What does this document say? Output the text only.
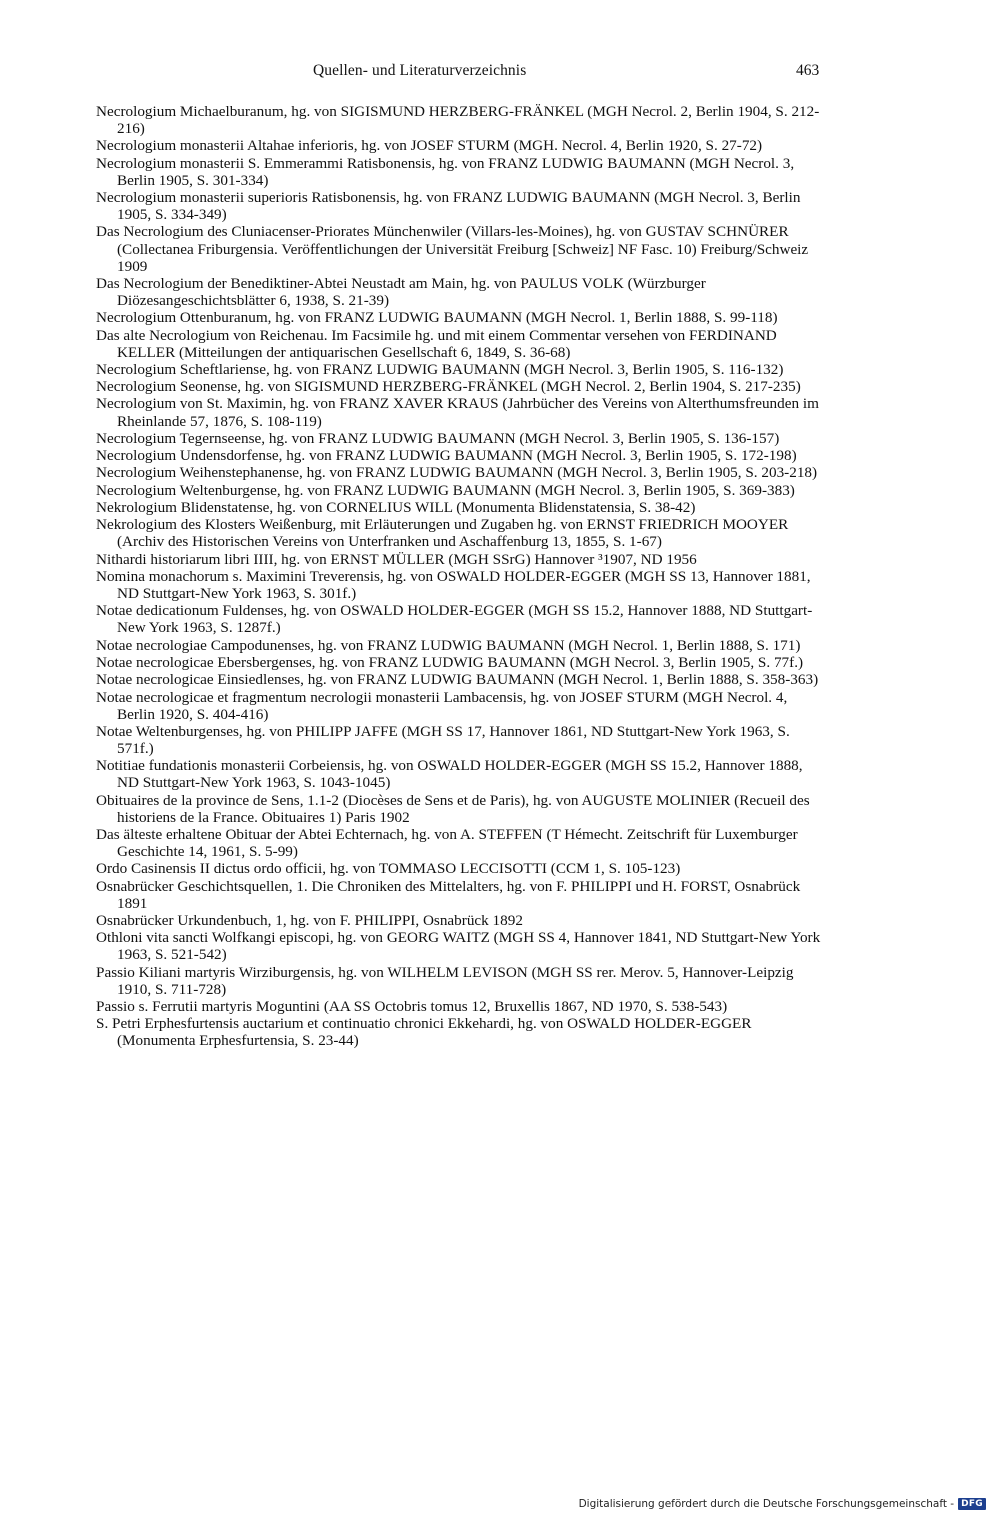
Quellen- und Literaturverzeichnis	463
Necrologium Michaelburanum, hg. von SIGISMUND HERZBERG-FRÄNKEL (MGH Necrol. 2, Berlin 1904, S. 212-216)
Necrologium monasterii Altahae inferioris, hg. von JOSEF STURM (MGH. Necrol. 4, Berlin 1920, S. 27-72)
Necrologium monasterii S. Emmerammi Ratisbonensis, hg. von FRANZ LUDWIG BAUMANN (MGH Necrol. 3, Berlin 1905, S. 301-334)
Necrologium monasterii superioris Ratisbonensis, hg. von FRANZ LUDWIG BAUMANN (MGH Necrol. 3, Berlin 1905, S. 334-349)
Das Necrologium des Cluniacenser-Priorates Münchenwiler (Villars-les-Moines), hg. von GUSTAV SCHNÜRER (Collectanea Friburgensia. Veröffentlichungen der Universität Freiburg [Schweiz] NF Fasc. 10) Freiburg/Schweiz 1909
Das Necrologium der Benediktiner-Abtei Neustadt am Main, hg. von PAULUS VOLK (Würzburger Diözesangeschichtsblätter 6, 1938, S. 21-39)
Necrologium Ottenburanum, hg. von FRANZ LUDWIG BAUMANN (MGH Necrol. 1, Berlin 1888, S. 99-118)
Das alte Necrologium von Reichenau. Im Facsimile hg. und mit einem Commentar versehen von FERDINAND KELLER (Mitteilungen der antiquarischen Gesellschaft 6, 1849, S. 36-68)
Necrologium Scheftlariense, hg. von FRANZ LUDWIG BAUMANN (MGH Necrol. 3, Berlin 1905, S. 116-132)
Necrologium Seonense, hg. von SIGISMUND HERZBERG-FRÄNKEL (MGH Necrol. 2, Berlin 1904, S. 217-235)
Necrologium von St. Maximin, hg. von FRANZ XAVER KRAUS (Jahrbücher des Vereins von Alterthumsfreunden im Rheinlande 57, 1876, S. 108-119)
Necrologium Tegernseense, hg. von FRANZ LUDWIG BAUMANN (MGH Necrol. 3, Berlin 1905, S. 136-157)
Necrologium Undensdorfense, hg. von FRANZ LUDWIG BAUMANN (MGH Necrol. 3, Berlin 1905, S. 172-198)
Necrologium Weihenstephanense, hg. von FRANZ LUDWIG BAUMANN (MGH Necrol. 3, Berlin 1905, S. 203-218)
Necrologium Weltenburgense, hg. von FRANZ LUDWIG BAUMANN (MGH Necrol. 3, Berlin 1905, S. 369-383)
Nekrologium Blidenstatense, hg. von CORNELIUS WILL (Monumenta Blidenstatensia, S. 38-42)
Nekrologium des Klosters Weißenburg, mit Erläuterungen und Zugaben hg. von ERNST FRIEDRICH MOOYER (Archiv des Historischen Vereins von Unterfranken und Aschaffenburg 13, 1855, S. 1-67)
Nithardi historiarum libri IIII, hg. von ERNST MÜLLER (MGH SSrG) Hannover ³1907, ND 1956
Nomina monachorum s. Maximini Treverensis, hg. von OSWALD HOLDER-EGGER (MGH SS 13, Hannover 1881, ND Stuttgart-New York 1963, S. 301f.)
Notae dedicationum Fuldenses, hg. von OSWALD HOLDER-EGGER (MGH SS 15.2, Hannover 1888, ND Stuttgart-New York 1963, S. 1287f.)
Notae necrologiae Campodunenses, hg. von FRANZ LUDWIG BAUMANN (MGH Necrol. 1, Berlin 1888, S. 171)
Notae necrologicae Ebersbergenses, hg. von FRANZ LUDWIG BAUMANN (MGH Necrol. 3, Berlin 1905, S. 77f.)
Notae necrologicae Einsiedlenses, hg. von FRANZ LUDWIG BAUMANN (MGH Necrol. 1, Berlin 1888, S. 358-363)
Notae necrologicae et fragmentum necrologii monasterii Lambacensis, hg. von JOSEF STURM (MGH Necrol. 4, Berlin 1920, S. 404-416)
Notae Weltenburgenses, hg. von PHILIPP JAFFE (MGH SS 17, Hannover 1861, ND Stuttgart-New York 1963, S. 571f.)
Notitiae fundationis monasterii Corbeiensis, hg. von OSWALD HOLDER-EGGER (MGH SS 15.2, Hannover 1888, ND Stuttgart-New York 1963, S. 1043-1045)
Obituaires de la province de Sens, 1.1-2 (Diocèses de Sens et de Paris), hg. von AUGUSTE MOLINIER (Recueil des historiens de la France. Obituaires 1) Paris 1902
Das älteste erhaltene Obituar der Abtei Echternach, hg. von A. STEFFEN (T Hémecht. Zeitschrift für Luxemburger Geschichte 14, 1961, S. 5-99)
Ordo Casinensis II dictus ordo officii, hg. von TOMMASO LECCISOTTI (CCM 1, S. 105-123)
Osnabrücker Geschichtsquellen, 1. Die Chroniken des Mittelalters, hg. von F. PHILIPPI und H. FORST, Osnabrück 1891
Osnabrücker Urkundenbuch, 1, hg. von F. PHILIPPI, Osnabrück 1892
Othloni vita sancti Wolfkangi episcopi, hg. von GEORG WAITZ (MGH SS 4, Hannover 1841, ND Stuttgart-New York 1963, S. 521-542)
Passio Kiliani martyris Wirziburgensis, hg. von WILHELM LEVISON (MGH SS rer. Merov. 5, Hannover-Leipzig 1910, S. 711-728)
Passio s. Ferrutii martyris Moguntini (AA SS Octobris tomus 12, Bruxellis 1867, ND 1970, S. 538-543)
S. Petri Erphesfurtensis auctarium et continuatio chronici Ekkehardi, hg. von OSWALD HOLDER-EGGER (Monumenta Erphesfurtensia, S. 23-44)
Digitalisierung gefördert durch die Deutsche Forschungsgemeinschaft - DFG
